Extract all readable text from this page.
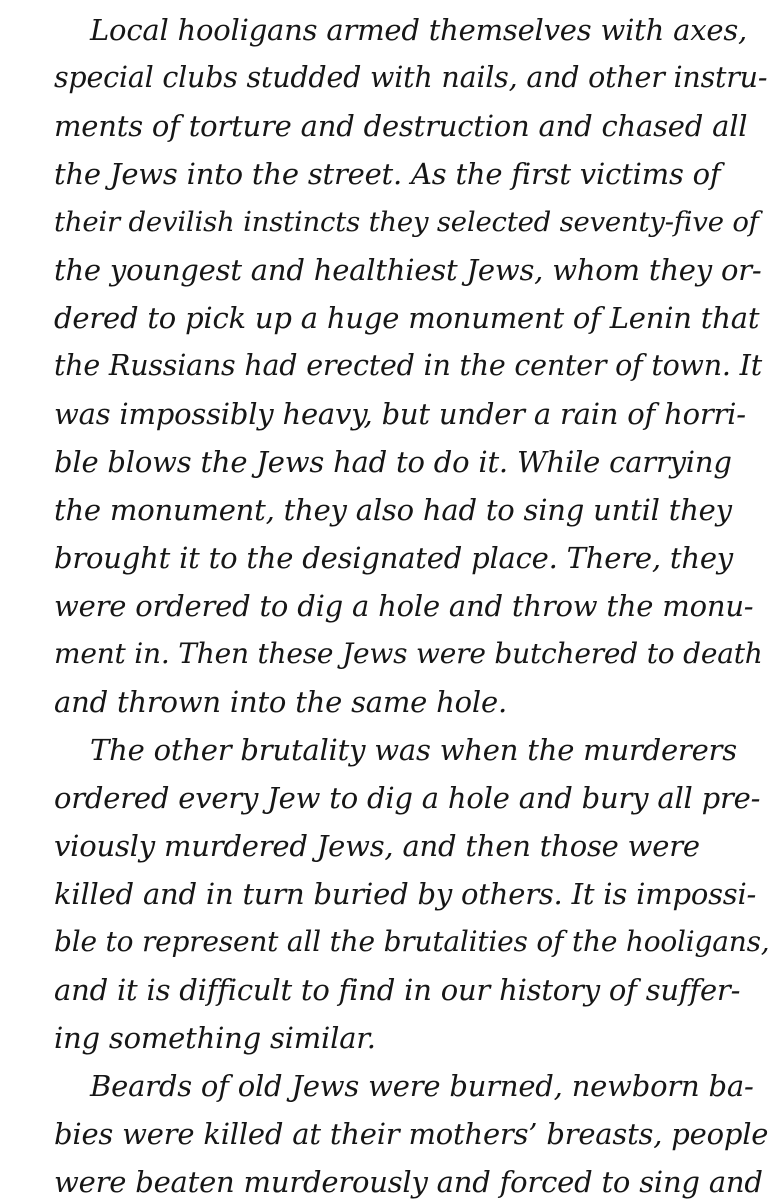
Local hooligans armed themselves with axes,
special clubs studded with nails, and other instru-
ments of torture and destruction and chased all
the Jews into the street. As the first victims of
their devilish instincts they selected seventy-five of
the youngest and healthiest Jews, whom they or-
dered to pick up a huge monument of Lenin that
the Russians had erected in the center of town. It
was impossibly heavy, but under a rain of horri-
ble blows the Jews had to do it. While carrying
the monument, they also had to sing until they
brought it to the designated place. There, they
were ordered to dig a hole and throw the monu-
ment in. Then these Jews were butchered to death
and thrown into the same hole.
The other brutality was when the murderers
ordered every Jew to dig a hole and bury all pre-
viously murdered Jews, and then those were
killed and in turn buried by others. It is impossi-
ble to represent all the brutalities of the hooligans,
and it is difficult to find in our history of suffer-
ing something similar.
Beards of old Jews were burned, newborn ba-
bies were killed at their mothers’ breasts, people
were beaten murderously and forced to sing and
